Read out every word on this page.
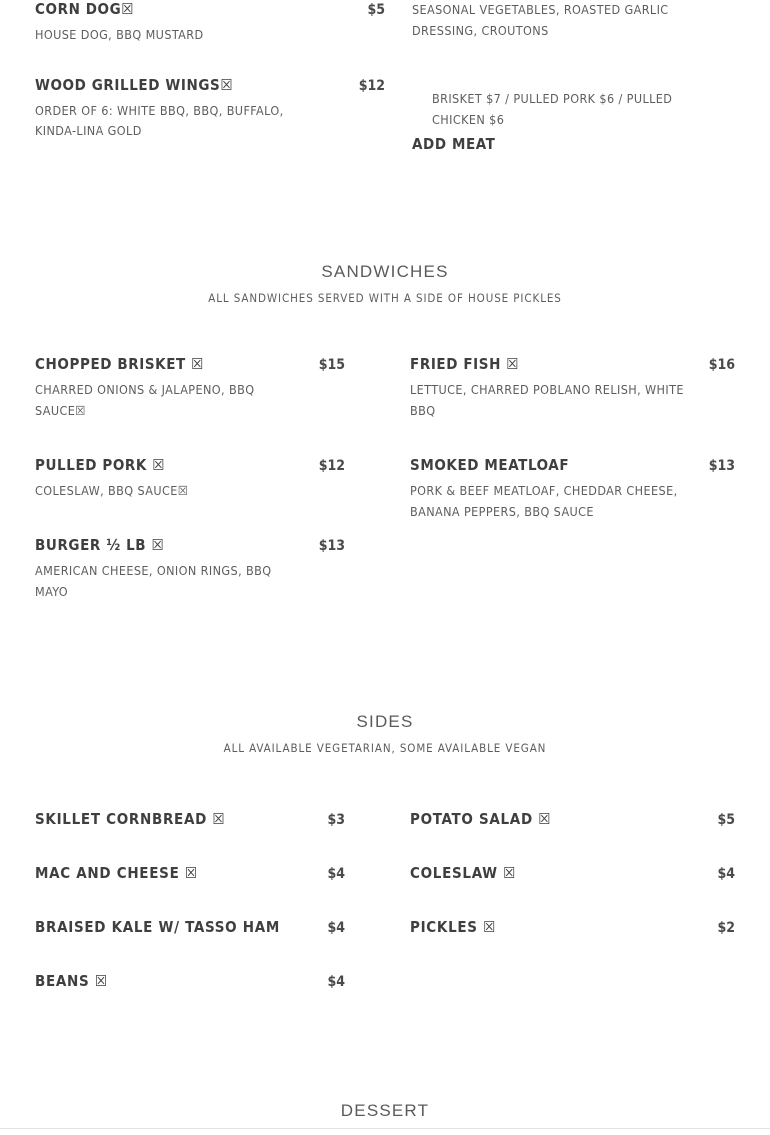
CORN DOG☒	$5
HOUSE DOG, BBQ MUSTARD
WOOD GRILLED WINGS☒	$12
ORDER OF 6: WHITE BBQ, BBQ, BUFFALO, KINDA-LINA GOLD
SEASONAL VEGETABLES, ROASTED GARLIC DRESSING, CROUTONS
BRISKET $7 / PULLED PORK $6 / PULLED CHICKEN $6
ADD MEAT
SANDWICHES
ALL SANDWICHES SERVED WITH A SIDE OF HOUSE PICKLES
CHOPPED BRISKET ☒	$15
CHARRED ONIONS & JALAPENO, BBQ SAUCE☒
PULLED PORK ☒	$12
COLESLAW, BBQ SAUCE☒
BURGER ½ LB ☒	$13
AMERICAN CHEESE, ONION RINGS, BBQ MAYO
FRIED FISH ☒	$16
LETTUCE, CHARRED POBLANO RELISH, WHITE BBQ
SMOKED MEATLOAF	$13
PORK & BEEF MEATLOAF, CHEDDAR CHEESE, BANANA PEPPERS, BBQ SAUCE
SIDES
ALL AVAILABLE VEGETARIAN, SOME AVAILABLE VEGAN
SKILLET CORNBREAD ☒	$3
MAC AND CHEESE ☒	$4
BRAISED KALE W/ TASSO HAM	$4
BEANS ☒	$4
POTATO SALAD ☒	$5
COLESLAW ☒	$4
PICKLES ☒	$2
DESSERT
